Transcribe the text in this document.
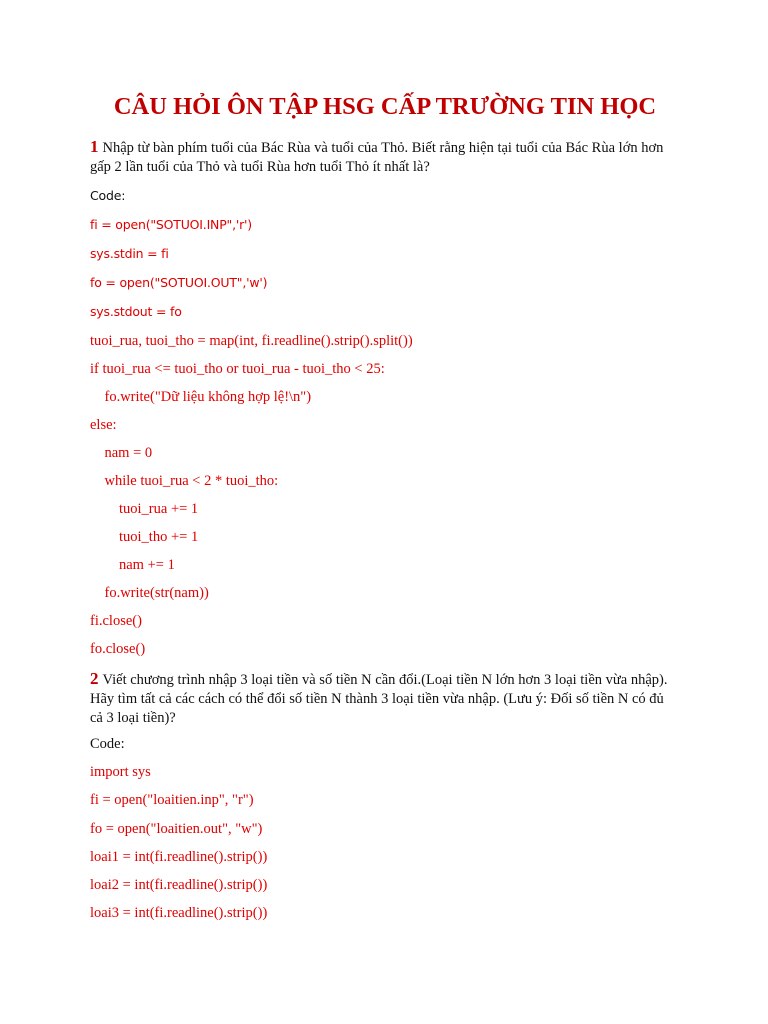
CÂU HỎI ÔN TẬP HSG CẤP TRƯỜNG TIN HỌC

1 Nhập từ bàn phím tuổi của Bác Rùa và tuổi của Thỏ. Biết rằng hiện tại tuổi của Bác Rùa lớn hơn gấp 2 lần tuổi của Thỏ và tuổi Rùa hơn tuổi Thỏ ít nhất là?

Code:
fi = open("SOTUOI.INP",'r')
sys.stdin = fi
fo = open("SOTUOI.OUT",'w')
sys.stdout = fo
tuoi_rua, tuoi_tho = map(int, fi.readline().strip().split())
if tuoi_rua <= tuoi_tho or tuoi_rua - tuoi_tho < 25:
fo.write("Dữ liệu không hợp lệ!\n")
else:
nam = 0
while tuoi_rua < 2 * tuoi_tho:
tuoi_rua += 1
tuoi_tho += 1
nam += 1
fo.write(str(nam))
fi.close()
fo.close()

2 Viết chương trình nhập 3 loại tiền và số tiền N cần đổi.(Loại tiền N lớn hơn 3 loại tiền vừa nhập). Hãy tìm tất cả các cách có thể đổi số tiền N thành 3 loại tiền vừa nhập. (Lưu ý: Đối số tiền N có đủ cả 3 loại tiền)?

Code:
import sys
fi = open("loaitien.inp", "r")
fo = open("loaitien.out", "w")
loai1 = int(fi.readline().strip())
loai2 = int(fi.readline().strip())
loai3 = int(fi.readline().strip())
